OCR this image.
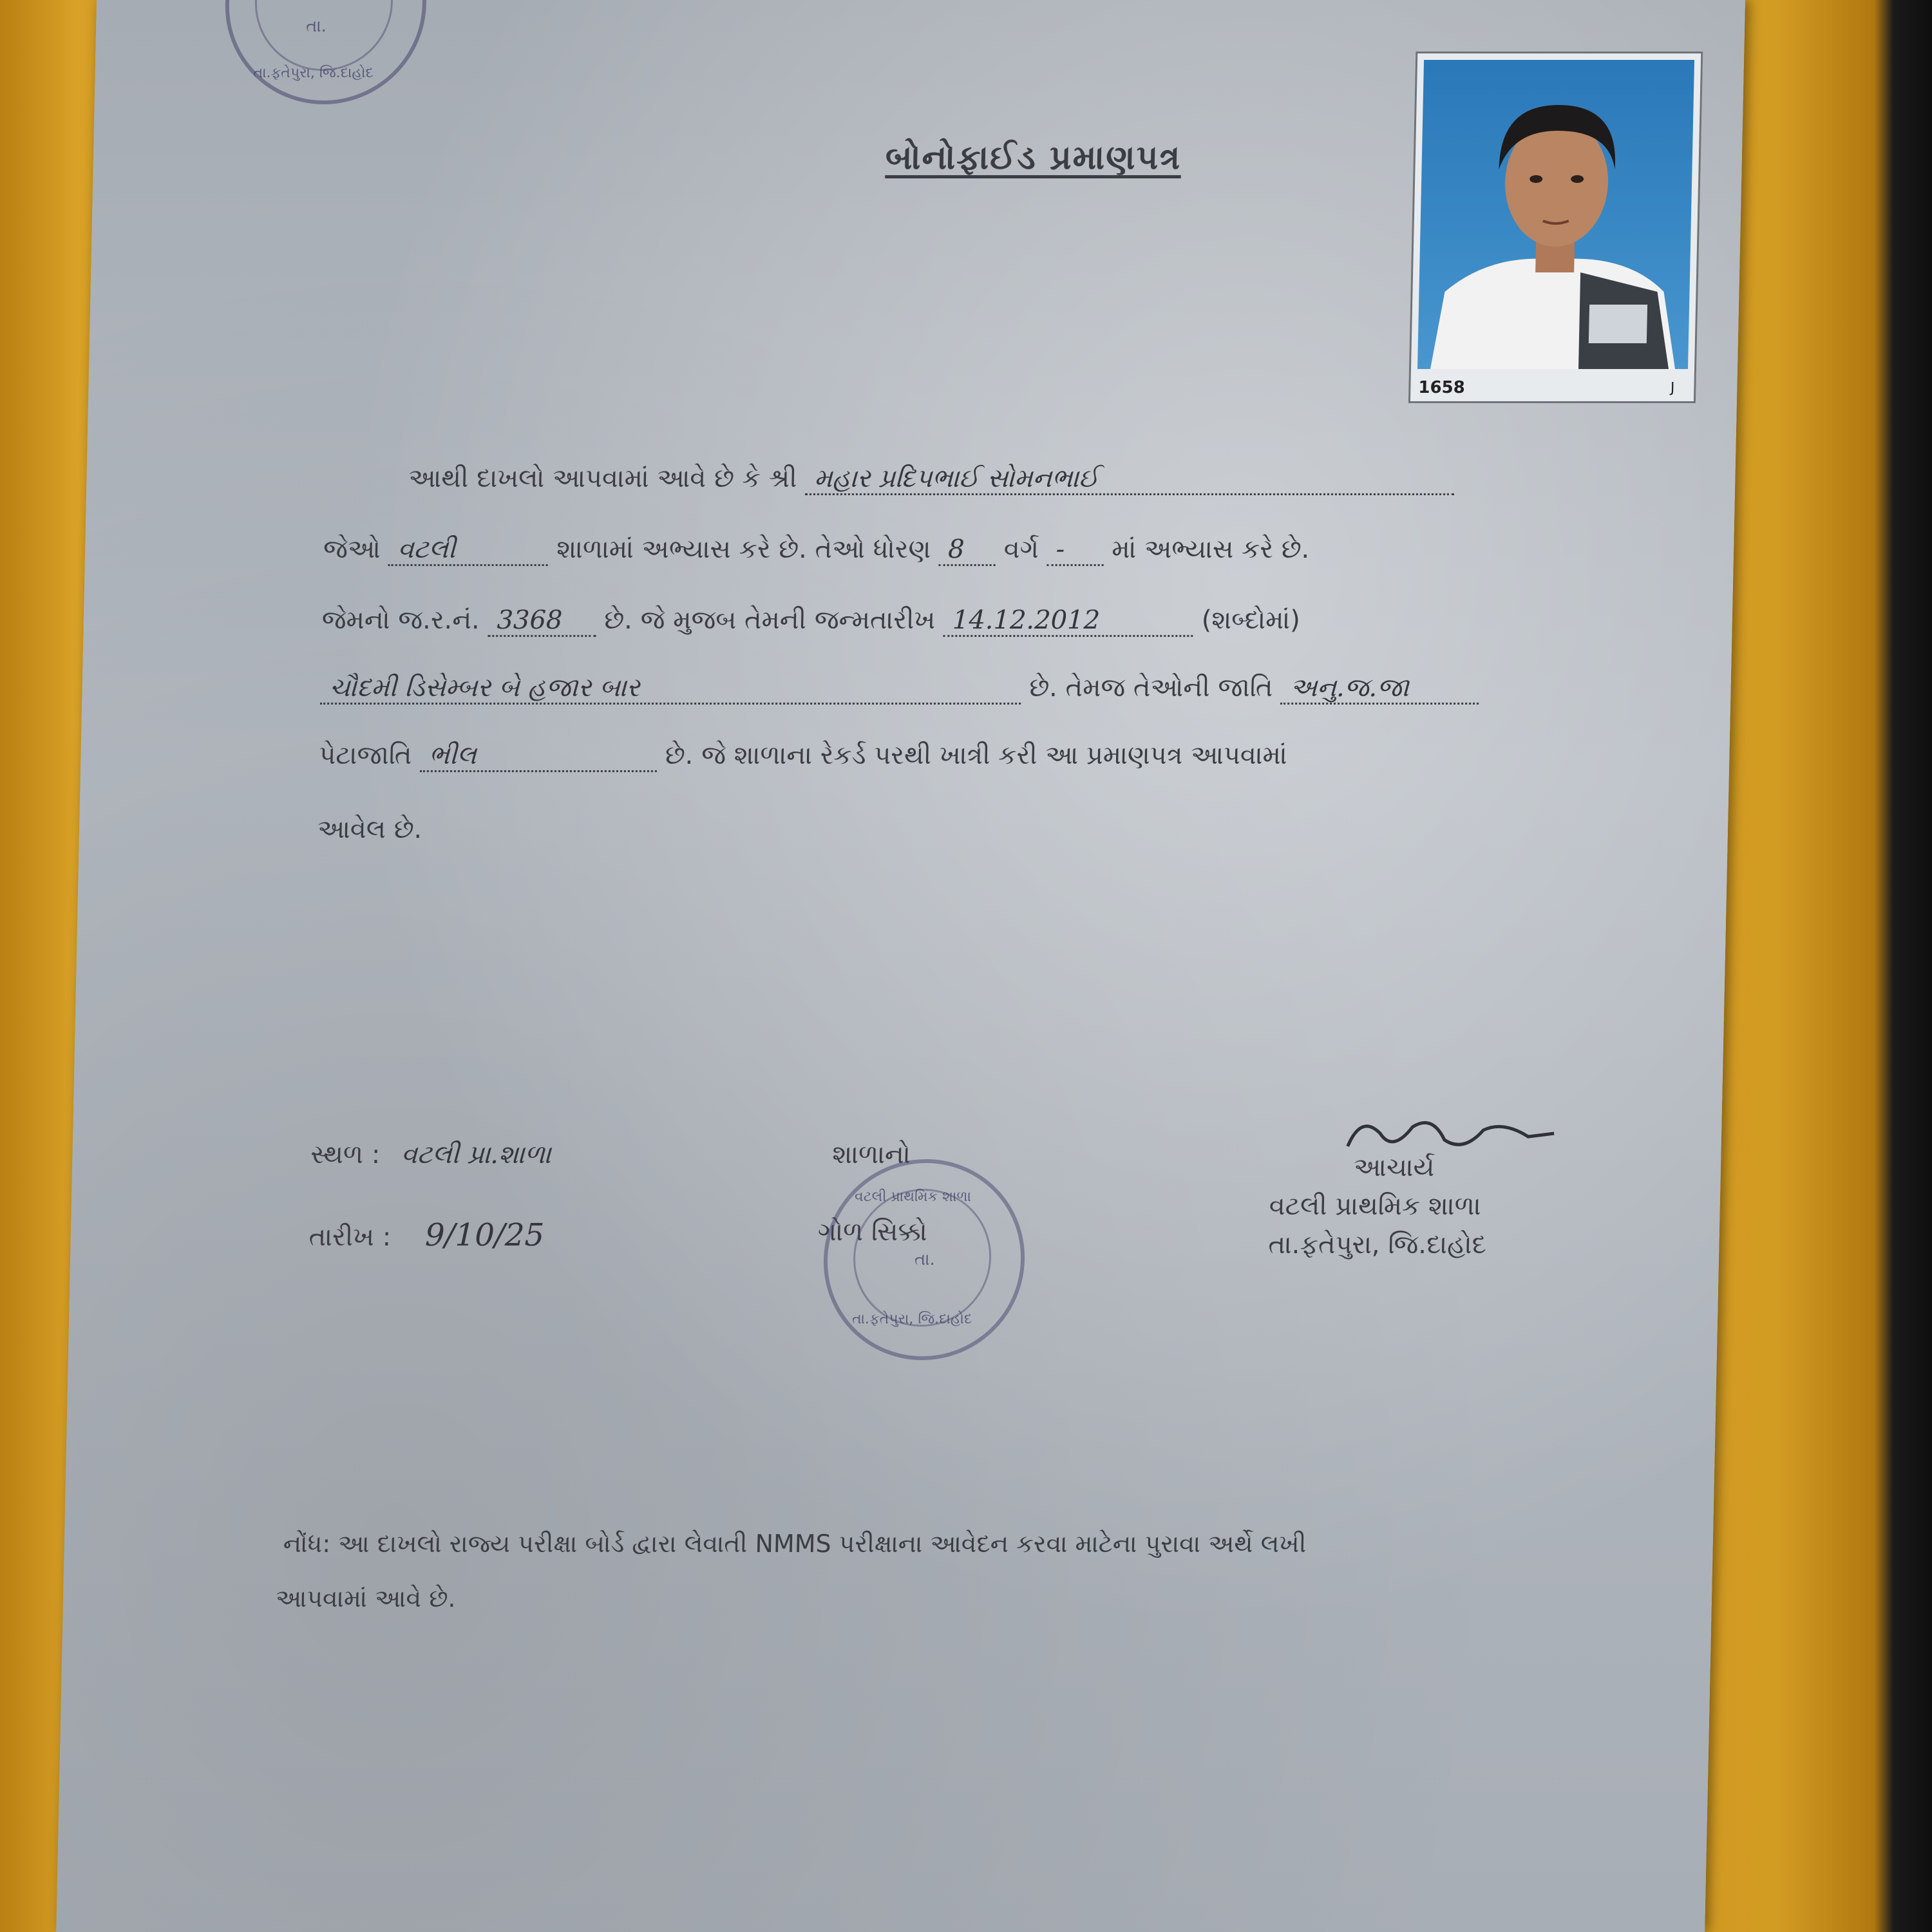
તા.
તા.ફતેપુરા, જિ.દાહોદ
બોનોફાઈડ પ્રમાણપત્ર
1658	J
આથી દાખલો આપવામાં આવે છે કે શ્રી મહાર પ્રદિપભાઈ સોમનભાઈ
જેઓ વટલી	શાળામાં અભ્યાસ કરે છે. તેઓ ધોરણ 8 વર્ગ - માં અભ્યાસ કરે છે.
જેમનો જ.ર.નં. 3368 છે. જે મુજબ તેમની જન્મતારીખ 14.12.2012	(શબ્દોમાં)
ચૌદમી ડિસેમ્બર બે હજાર બાર	છે. તેમજ તેઓની જાતિ અનુ.જ.જા
પેટાજાતિ ભીલ	છે. જે શાળાના રેકર્ડ પરથી ખાત્રી કરી આ પ્રમાણપત્ર આપવામાં
આવેલ છે.
સ્થળ : વટલી પ્રા.શાળા
તારીખ : 9/10/25
શાળાનો
ગોળ સિક્કો
વટલી પ્રાથમિક શાળા
તા.
તા.ફતેપુરા, જિ.દાહોદ
આચાર્ય
વટલી પ્રાથમિક શાળા
તા.ફતેપુરા, જિ.દાહોદ
નોંધ: આ દાખલો રાજ્ય પરીક્ષા બોર્ડ દ્વારા લેવાતી NMMS પરીક્ષાના આવેદન કરવા માટેના પુરાવા અર્થે લખી
આપવામાં આવે છે.
